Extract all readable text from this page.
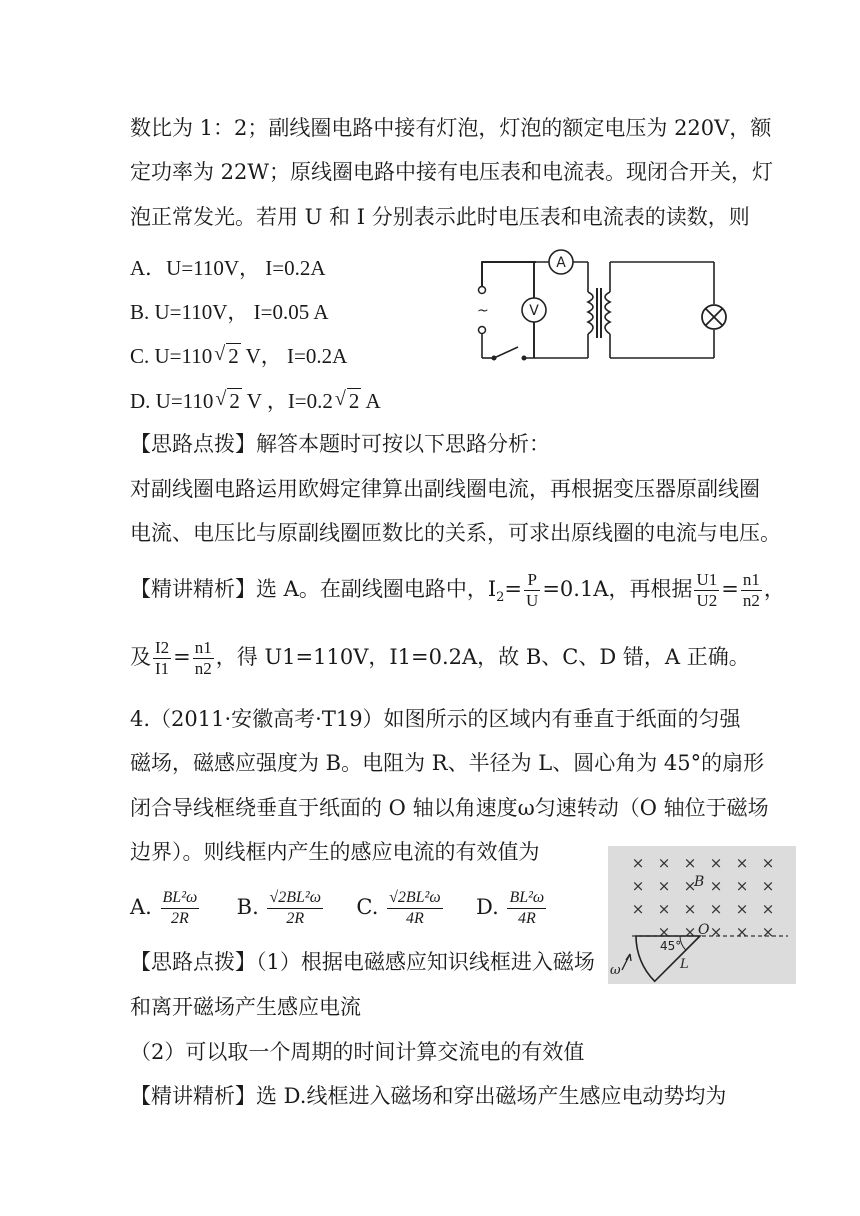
数比为 1：2；副线圈电路中接有灯泡，灯泡的额定电压为 220V，额
定功率为 22W；原线圈电路中接有电压表和电流表。现闭合开关，灯
泡正常发光。若用 U 和 I 分别表示此时电压表和电流表的读数，则
A．U=110V， I=0.2A
B. U=110V， I=0.05 A
C. U=110 √ 2 V， I=0.2A
D. U=110 √ 2 V ，I=0.2 √ 2 A
~
A
V
【思路点拨】解答本题时可按以下思路分析：
对副线圈电路运用欧姆定律算出副线圈电流，再根据变压器原副线圈
电流、电压比与原副线圈匝数比的关系，可求出原线圈的电流与电压。
【精讲精析】选 A。在副线圈电路中，$I_2= \frac{P}{U} =0.1A$，再根据 $\frac{U1}{U2} = \frac{n1}{n2}$ ，
及 $\frac{I2}{I1} = \frac{n1}{n2}$ ，得 U1=110V，I1=0.2A，故 B、C、D 错，A 正确。
4.（2011·安徽高考·T19）如图所示的区域内有垂直于纸面的匀强
磁场，磁感应强度为 B。电阻为 R、半径为 L、圆心角为 45°的扇形
闭合导线框绕垂直于纸面的 O 轴以角速度ω匀速转动（O 轴位于磁场
边界）。则线框内产生的感应电流的有效值为
A. $\frac{\text{BL²ω}}{2R} B$. $\frac{\text{√2BL²ω}}{2R} C$. $\frac{\text{√2BL²ω}}{4R} D$. $\frac{\text{BL²ω}}{4R}$
【思路点拨】（1）根据电磁感应知识线框进入磁场
和离开磁场产生感应电流
（2）可以取一个周期的时间计算交流电的有效值
【精讲精析】选 D.线框进入磁场和穿出磁场产生感应电动势均为
× × × × × ×
× × × × × ×
× × × × × ×
× × × × ×
45°
L
O
B
ω
